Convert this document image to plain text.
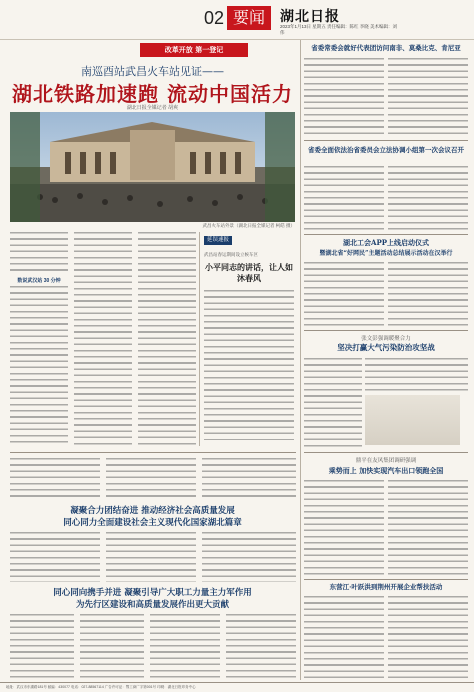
02 要闻	湖北日报
2023年1月13日 星期五 责任编辑：陈红 李晓 美术编辑：刘伟
改革开放 第一登记
南巡酉站武昌火车站见证——
湖北铁路加速跑 流动中国活力
湖北日报全媒记者 胡爽
武昌火车站外景（湖北日报全媒记者 柯皓 摄）
数说武汉站 30 分钟
延误速报
武昌站春运期间设立候车区
小平同志的讲话，让人如沐春风
省委常委会就好代表团访问南非、莫桑比克、肯尼亚
省委全面依法治省委员会立法协调小组第一次会议召开
湖北工会APP上线启动仪式
暨湖北省“好网民”主题活动总结展示活动在汉举行
张文彭强调暖聚合力
坚决打赢大气污染防治攻坚战
鼎平在友风集团调研强调
乘势而上 加快实现汽车出口领跑全国
东营江·叶跃洪到荆州开展企业帮扶活动
凝聚合力团结奋进 推动经济社会高质量发展
同心同力全面建设社会主义现代化国家湖北篇章
同心同向携手并进 凝聚引导广大职工力量主力军作用
为先行区建设和高质量发展作出更大贡献
地址：武汉市东湖路181号 邮编：430077 电话：027-88567114 广告许可证：鄂工商广字第001号 印刷：湖北日报印务中心
